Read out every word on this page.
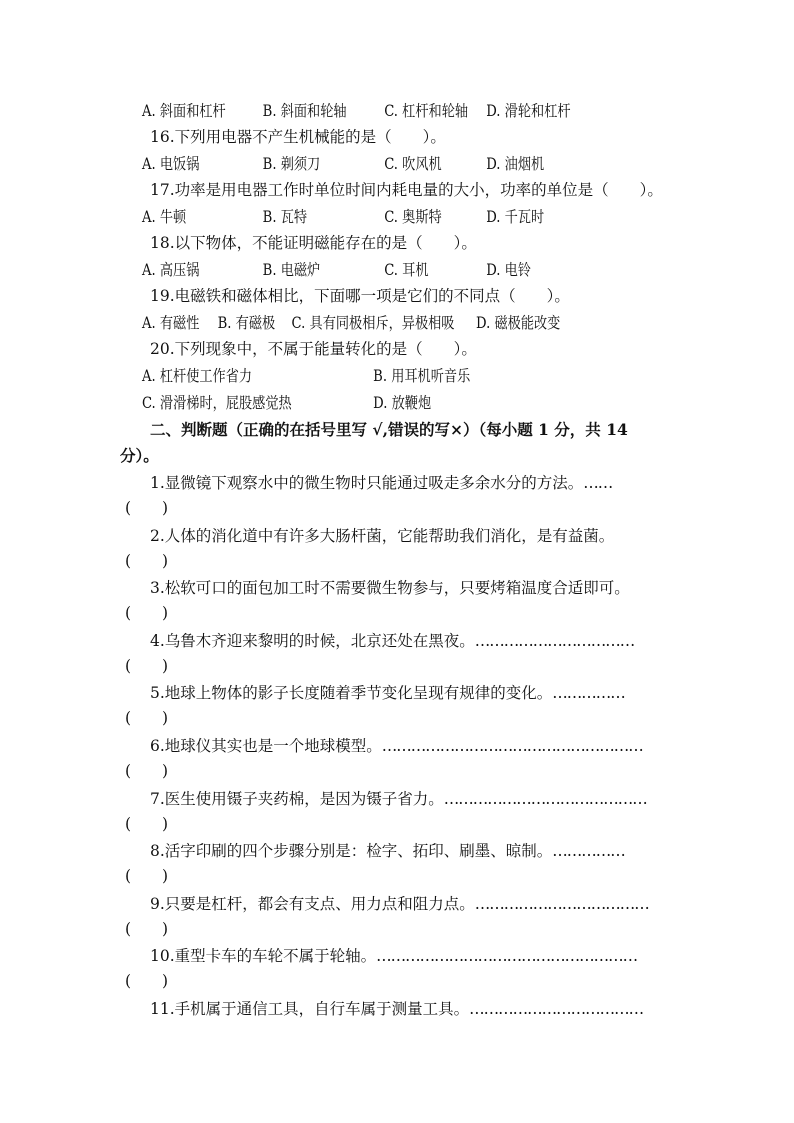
A. 斜面和杠杆 B. 斜面和轮轴 C. 杠杆和轮轴 D. 滑轮和杠杆
16.下列用电器不产生机械能的是（　　）。
A. 电饭锅	B. 剃须刀	C. 吹风机	D. 油烟机
17.功率是用电器工作时单位时间内耗电量的大小，功率的单位是（　　）。
A. 牛顿	B. 瓦特	C. 奥斯特	D. 千瓦时
18.以下物体，不能证明磁能存在的是（　　）。
A. 高压锅	B. 电磁炉	C. 耳机	D. 电铃
19.电磁铁和磁体相比，下面哪一项是它们的不同点（　　）。
A. 有磁性 B. 有磁极 C. 具有同极相斥，异极相吸 D. 磁极能改变
20.下列现象中，不属于能量转化的是（　　）。
A. 杠杆使工作省力	B. 用耳机听音乐
C. 滑滑梯时，屁股感觉热	D. 放鞭炮
二、判断题（正确的在括号里写 √,错误的写×）（每小题 1 分，共 14
分）。
1.显微镜下观察水中的微生物时只能通过吸走多余水分的方法。……
(　　)
2.人体的消化道中有许多大肠杆菌，它能帮助我们消化，是有益菌。
(　　)
3.松软可口的面包加工时不需要微生物参与，只要烤箱温度合适即可。
(　　)
4.乌鲁木齐迎来黎明的时候，北京还处在黑夜。……………………………
(　　)
5.地球上物体的影子长度随着季节变化呈现有规律的变化。……………
(　　)
6.地球仪其实也是一个地球模型。………………………………………………
(　　)
7.医生使用镊子夹药棉，是因为镊子省力。……………………………………
(　　)
8.活字印刷的四个步骤分别是：检字、拓印、刷墨、晾制。……………
(　　)
9.只要是杠杆，都会有支点、用力点和阻力点。………………………………
(　　)
10.重型卡车的车轮不属于轮轴。………………………………………………
(　　)
11.手机属于通信工具，自行车属于测量工具。………………………………
